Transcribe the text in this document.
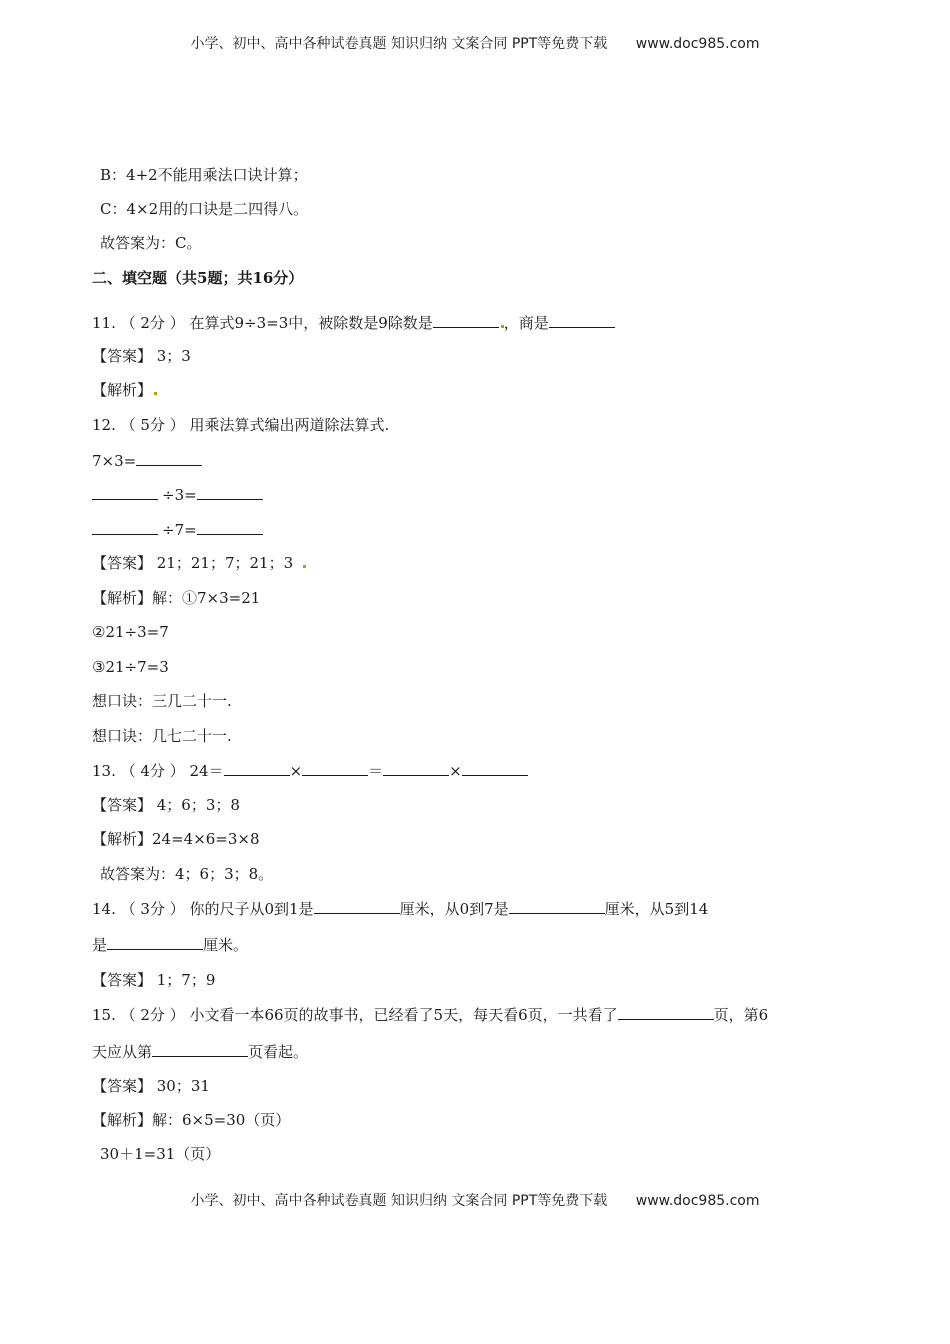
小学、初中、高中各种试卷真题 知识归纳 文案合同 PPT等免费下载 www.doc985.com
B：4+2不能用乘法口诀计算；
C：4×2用的口诀是二四得八。
故答案为：C。
二、填空题（共5题；共16分）
11. （ 2分 ） 在算式9÷3=3中，被除数是9除数是	，商是
【答案】 3；3
【解析】
12. （ 5分 ） 用乘法算式编出两道除法算式.
7×3=
÷3=
÷7=
【答案】 21；21；7；21；3
【解析】解：①7×3=21
②21÷3=7
③21÷7=3
想口诀：三几二十一.
想口诀：几七二十一.
13. （ 4分 ） 24＝	×	＝	×
【答案】 4；6；3；8
【解析】24=4×6=3×8
故答案为：4；6；3；8。
14. （ 3分 ） 你的尺子从0到1是	厘米，从0到7是	厘米，从5到14
是	厘米。
【答案】 1；7；9
15. （ 2分 ） 小文看一本66页的故事书，已经看了5天，每天看6页，一共看了	页，第6
天应从第	页看起。
【答案】 30；31
【解析】解：6×5=30（页）
30＋1=31（页）
小学、初中、高中各种试卷真题 知识归纳 文案合同 PPT等免费下载 www.doc985.com
